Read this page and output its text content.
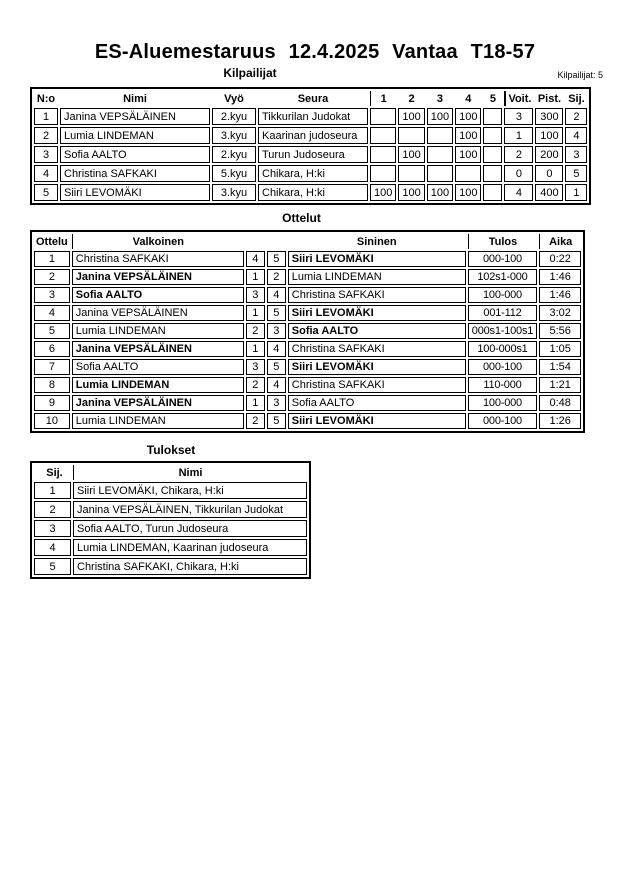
ES-Aluemestaruus 12.4.2025 Vantaa T18-57
Kilpailijat	Kilpailijat: 5
N:o	Nimi	Vyö	Seura	1	2	3	4	5	Voit.	Pist.	Sij.
1	Janina VEPSÄLÄINEN	2.kyu	Tikkurilan Judokat		100	100	100		3	300	2
2	Lumia LINDEMAN	3.kyu	Kaarinan judoseura				100		1	100	4
3	Sofia AALTO	2.kyu	Turun Judoseura		100		100		2	200	3
4	Christina SAFKAKI	5.kyu	Chikara, H:ki						0	0	5
5	Siiri LEVOMÄKI	3.kyu	Chikara, H:ki	100	100	100	100		4	400	1
Ottelut
Ottelu	Valkoinen			Sininen	Tulos	Aika
1	Christina SAFKAKI	4	5	Siiri LEVOMÄKI	000-100	0:22
2	Janina VEPSÄLÄINEN	1	2	Lumia LINDEMAN	102s1-000	1:46
3	Sofia AALTO	3	4	Christina SAFKAKI	100-000	1:46
4	Janina VEPSÄLÄINEN	1	5	Siiri LEVOMÄKI	001-112	3:02
5	Lumia LINDEMAN	2	3	Sofia AALTO	000s1-100s1	5:56
6	Janina VEPSÄLÄINEN	1	4	Christina SAFKAKI	100-000s1	1:05
7	Sofia AALTO	3	5	Siiri LEVOMÄKI	000-100	1:54
8	Lumia LINDEMAN	2	4	Christina SAFKAKI	110-000	1:21
9	Janina VEPSÄLÄINEN	1	3	Sofia AALTO	100-000	0:48
10	Lumia LINDEMAN	2	5	Siiri LEVOMÄKI	000-100	1:26
Tulokset
Sij.	Nimi
1	Siiri LEVOMÄKI, Chikara, H:ki
2	Janina VEPSÄLÄINEN, Tikkurilan Judokat
3	Sofia AALTO, Turun Judoseura
4	Lumia LINDEMAN, Kaarinan judoseura
5	Christina SAFKAKI, Chikara, H:ki
